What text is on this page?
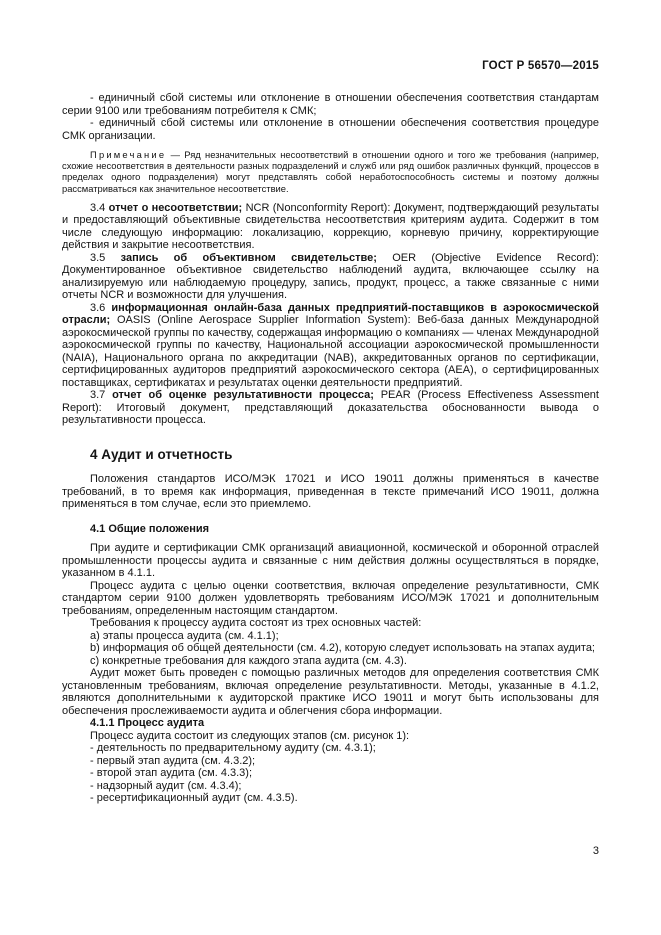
ГОСТ Р 56570—2015

- единичный сбой системы или отклонение в отношении обеспечения соответствия стандартам серии 9100 или требованиям потребителя к СМК;

- единичный сбой системы или отклонение в отношении обеспечения соответствия процедуре СМК организации.

Примечание — Ряд незначительных несоответствий в отношении одного и того же требования (например, схожие несоответствия в деятельности разных подразделений и служб или ряд ошибок различных функций, процессов в пределах одного подразделения) могут представлять собой неработоспособность системы и поэтому должны рассматриваться как значительное несоответствие.

3.4 отчет о несоответствии; NCR (Nonconformity Report): Документ, подтверждающий результаты и предоставляющий объективные свидетельства несоответствия критериям аудита. Содержит в том числе следующую информацию: локализацию, коррекцию, корневую причину, корректирующие действия и закрытие несоответствия.

3.5 запись об объективном свидетельстве; OER (Objective Evidence Record): Документированное объективное свидетельство наблюдений аудита, включающее ссылку на анализируемую или наблюдаемую процедуру, запись, продукт, процесс, а также связанные с ними отчеты NCR и возможности для улучшения.

3.6 информационная онлайн-база данных предприятий-поставщиков в аэрокосмической отрасли; OASIS (Online Aerospace Supplier Information System): Веб-база данных Международной аэрокосмической группы по качеству, содержащая информацию о компаниях — членах Международной аэрокосмической группы по качеству, Национальной ассоциации аэрокосмической промышленности (NAIA), Национального органа по аккредитации (NAB), аккредитованных органов по сертификации, сертифицированных аудиторов предприятий аэрокосмического сектора (AEA), о сертифицированных поставщиках, сертификатах и результатах оценки деятельности предприятий.

3.7 отчет об оценке результативности процесса; PEAR (Process Effectiveness Assessment Report): Итоговый документ, представляющий доказательства обоснованности вывода о результативности процесса.

4 Аудит и отчетность

Положения стандартов ИСО/МЭК 17021 и ИСО 19011 должны применяться в качестве требований, в то время как информация, приведенная в тексте примечаний ИСО 19011, должна применяться в том случае, если это приемлемо.

4.1 Общие положения

При аудите и сертификации СМК организаций авиационной, космической и оборонной отраслей промышленности процессы аудита и связанные с ним действия должны осуществляться в порядке, указанном в 4.1.1.

Процесс аудита с целью оценки соответствия, включая определение результативности, СМК стандартом серии 9100 должен удовлетворять требованиям ИСО/МЭК 17021 и дополнительным требованиям, определенным настоящим стандартом.

Требования к процессу аудита состоят из трех основных частей:

a) этапы процесса аудита (см. 4.1.1);

b) информация об общей деятельности (см. 4.2), которую следует использовать на этапах аудита;

c) конкретные требования для каждого этапа аудита (см. 4.3).

Аудит может быть проведен с помощью различных методов для определения соответствия СМК установленным требованиям, включая определение результативности. Методы, указанные в 4.1.2, являются дополнительными к аудиторской практике ИСО 19011 и могут быть использованы для обеспечения прослеживаемости аудита и облегчения сбора информации.

4.1.1 Процесс аудита

Процесс аудита состоит из следующих этапов (см. рисунок 1):

- деятельность по предварительному аудиту (см. 4.3.1);

- первый этап аудита (см. 4.3.2);

- второй этап аудита (см. 4.3.3);

- надзорный аудит (см. 4.3.4);

- ресертификационный аудит (см. 4.3.5).

3
